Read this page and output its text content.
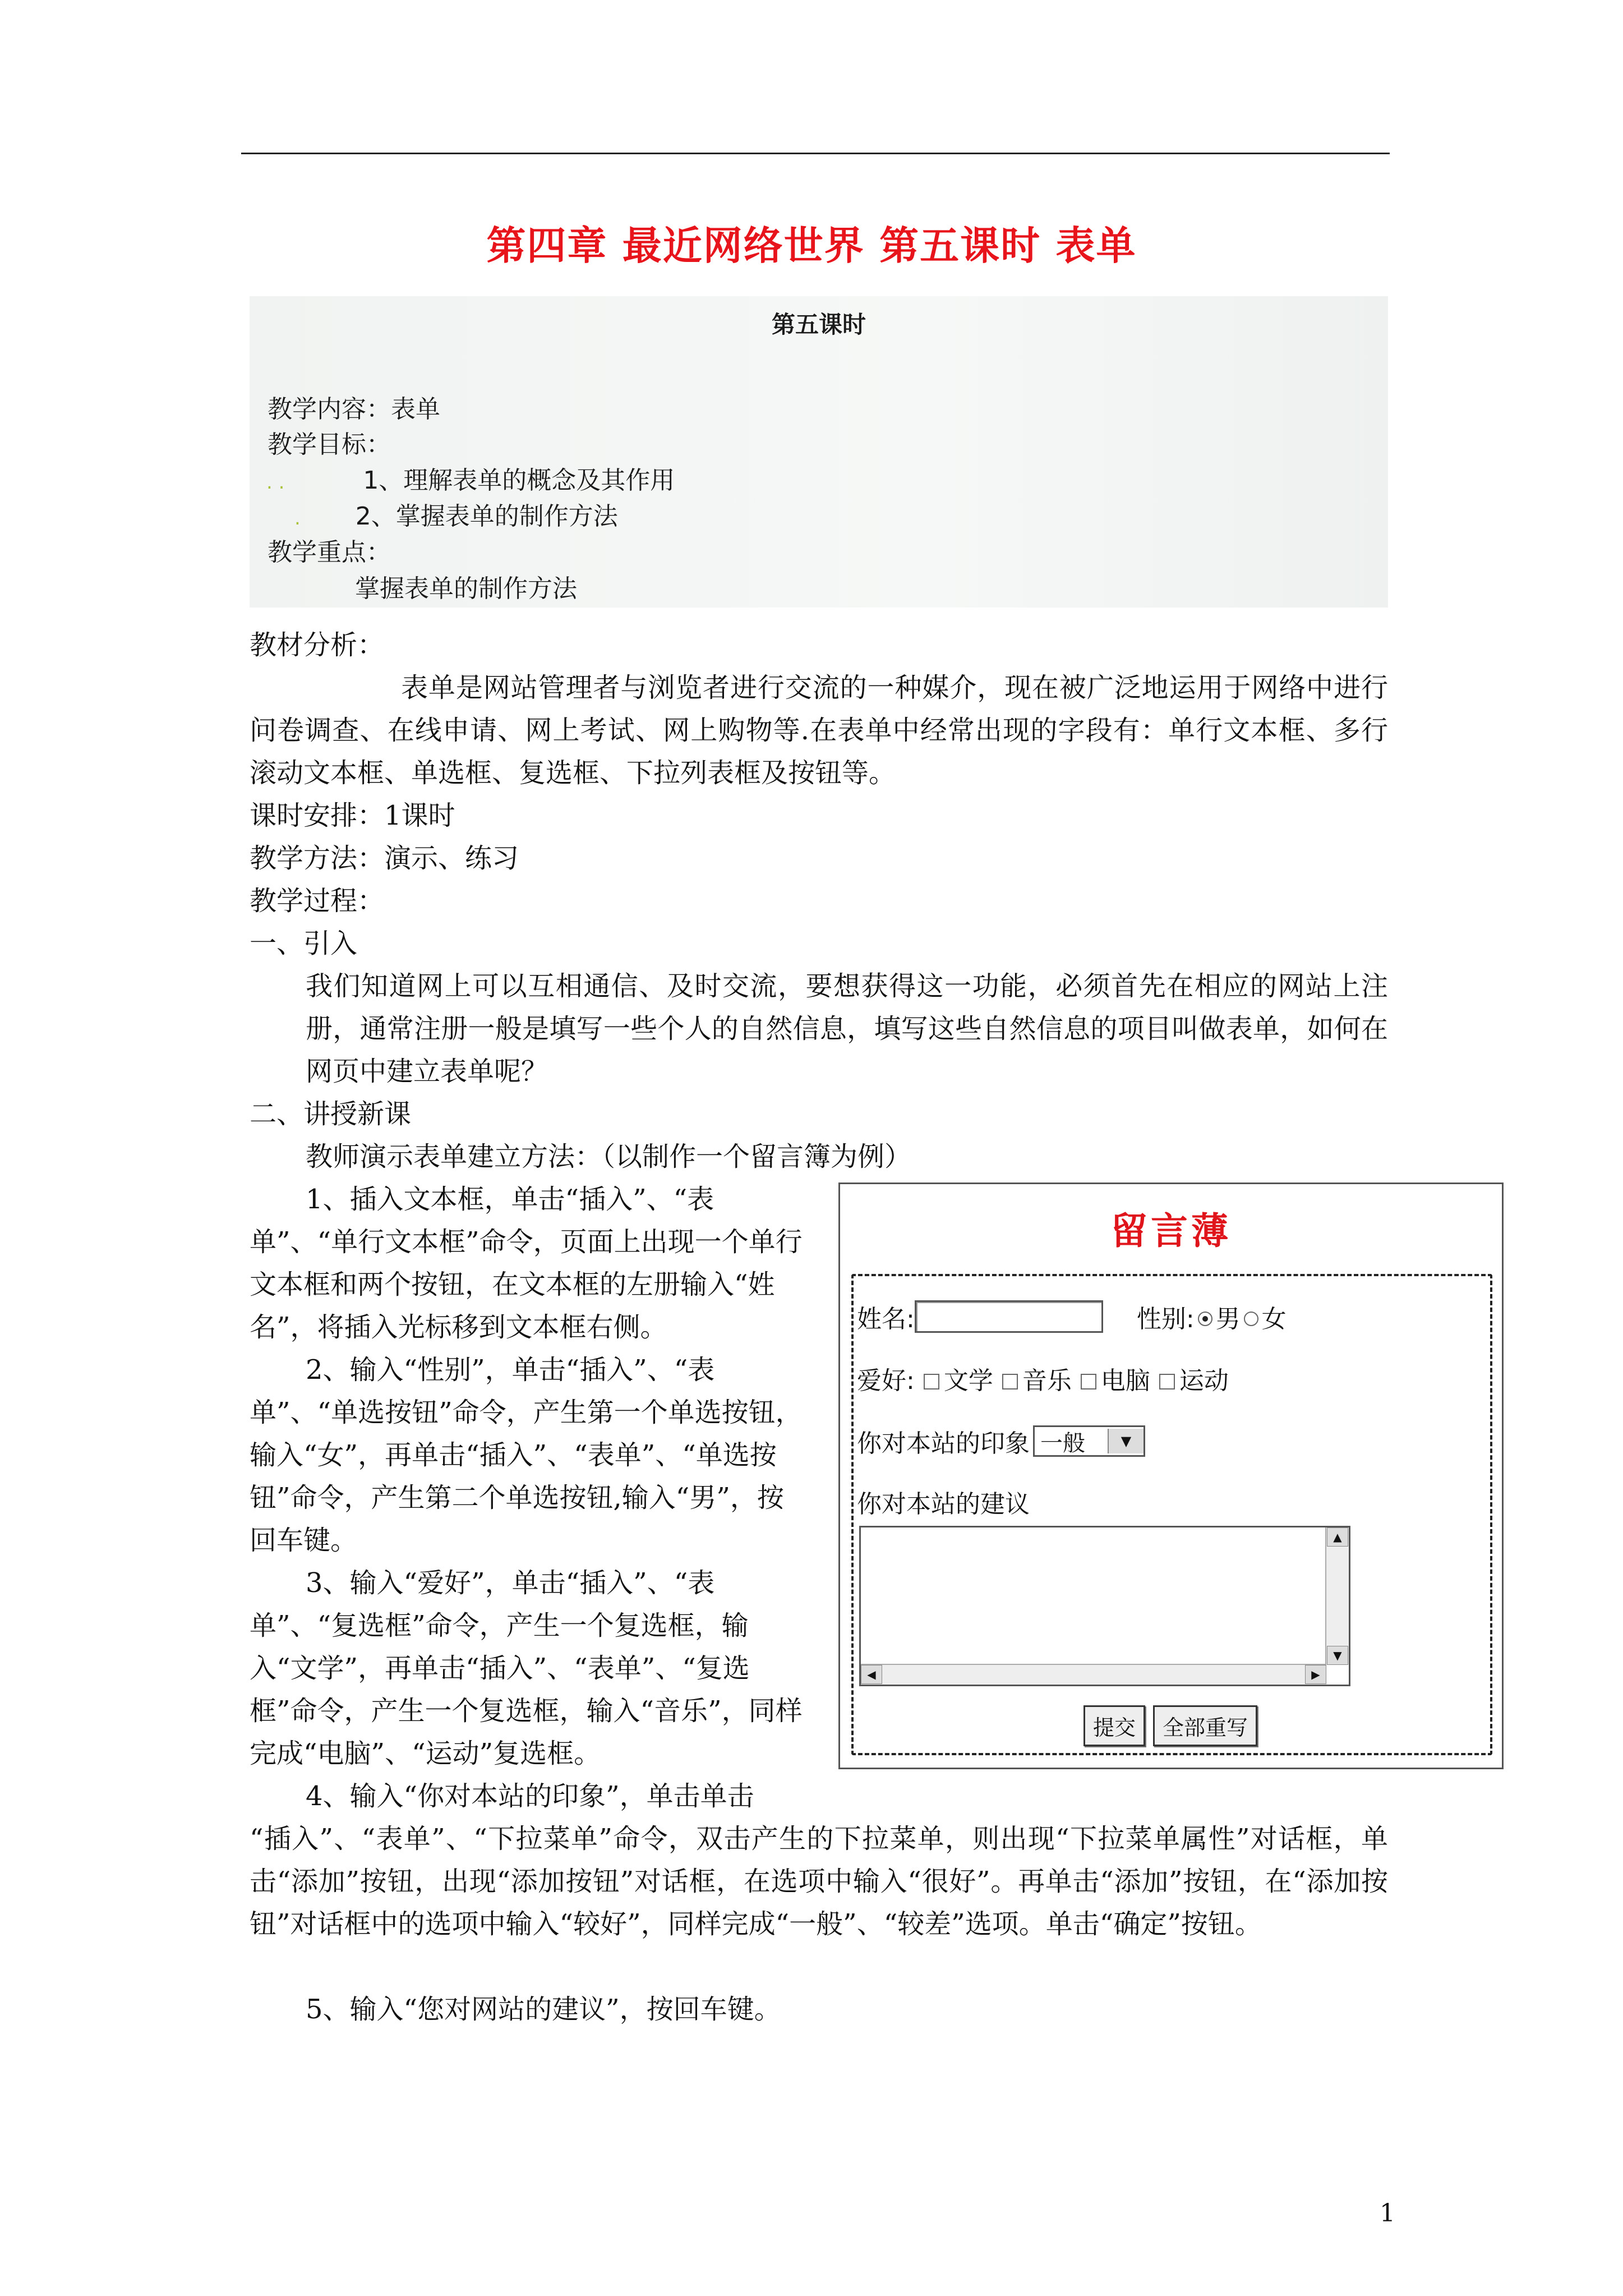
第四章 最近网络世界 第五课时 表单
第五课时
教学内容：表单
教学目标：
. .	1、理解表单的概念及其作用
. 2、掌握表单的制作方法
教学重点：
掌握表单的制作方法
教材分析：

表单是网站管理者与浏览者进行交流的一种媒介，现在被广泛地运用于网络中进行问卷调查、在线申请、网上考试、网上购物等.在表单中经常出现的字段有：单行文本框、多行滚动文本框、单选框、复选框、下拉列表框及按钮等。

课时安排：1课时
教学方法：演示、练习
教学过程：
一、引入

我们知道网上可以互相通信、及时交流，要想获得这一功能，必须首先在相应的网站上注册，通常注册一般是填写一些个人的自然信息，填写这些自然信息的项目叫做表单，如何在网页中建立表单呢？

二、讲授新课
教师演示表单建立方法：（以制作一个留言簿为例）

1、插入文本框，单击“插入”、“表单”、“单行文本框”命令，页面上出现一个单行文本框和两个按钮，在文本框的左册输入“姓名”，将插入光标移到文本框右侧。

2、输入“性别”，单击“插入”、“表单”、“单选按钮”命令，产生第一个单选按钮，输入“女”，再单击“插入”、“表单”、“单选按钮”命令，产生第二个单选按钮,输入“男”，按回车键。

3、输入“爱好”，单击“插入”、“表单”、“复选框”命令，产生一个复选框，输入“文学”，再单击“插入”、“表单”、“复选框”命令，产生一个复选框，输入“音乐”，同样完成“电脑”、“运动”复选框。

4、输入“你对本站的印象”，单击单击

“插入”、“表单”、“下拉菜单”命令，双击产生的下拉菜单，则出现“下拉菜单属性”对话框，单击“添加”按钮，出现“添加按钮”对话框，在选项中输入“很好”。再单击“添加”按钮，在“添加按钮”对话框中的选项中输入“较好”，同样完成“一般”、“较差”选项。单击“确定”按钮。

5、输入“您对网站的建议”，按回车键。
留言薄
姓名:	性别: 男 女
爱好: 文学 音乐 电脑 运动
你对本站的印象 一般	▼
你对本站的建议
▲
▼
◀	▶
提交	全部重写
1
